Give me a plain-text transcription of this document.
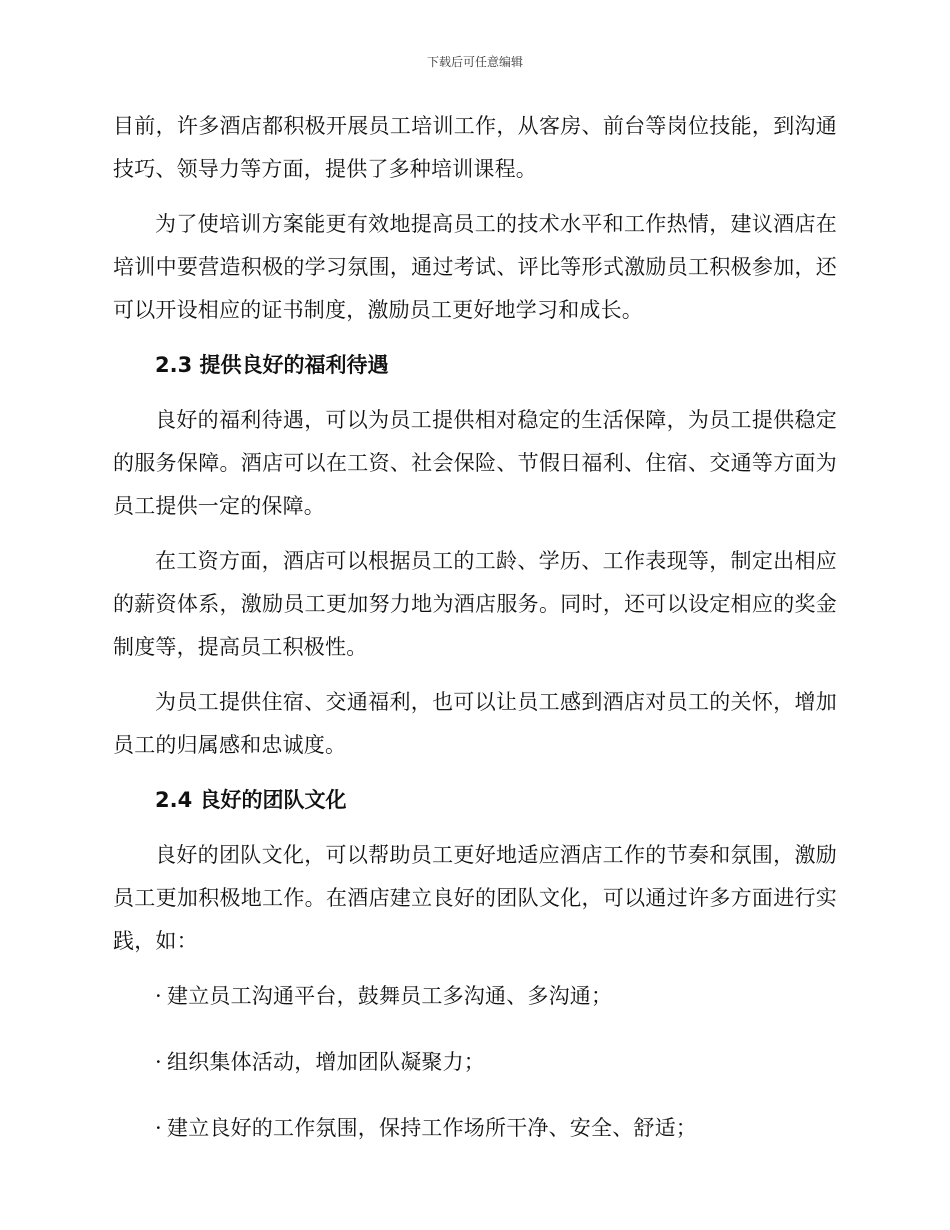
下载后可任意编辑

目前，许多酒店都积极开展员工培训工作，从客房、前台等岗位技能，到沟通技巧、领导力等方面，提供了多种培训课程。

为了使培训方案能更有效地提高员工的技术水平和工作热情，建议酒店在培训中要营造积极的学习氛围，通过考试、评比等形式激励员工积极参加，还可以开设相应的证书制度，激励员工更好地学习和成长。

2.3 提供良好的福利待遇

良好的福利待遇，可以为员工提供相对稳定的生活保障，为员工提供稳定的服务保障。酒店可以在工资、社会保险、节假日福利、住宿、交通等方面为员工提供一定的保障。

在工资方面，酒店可以根据员工的工龄、学历、工作表现等，制定出相应的薪资体系，激励员工更加努力地为酒店服务。同时，还可以设定相应的奖金制度等，提高员工积极性。

为员工提供住宿、交通福利，也可以让员工感到酒店对员工的关怀，增加员工的归属感和忠诚度。

2.4 良好的团队文化

良好的团队文化，可以帮助员工更好地适应酒店工作的节奏和氛围，激励员工更加积极地工作。在酒店建立良好的团队文化，可以通过许多方面进行实践，如：

· 建立员工沟通平台，鼓舞员工多沟通、多沟通；
· 组织集体活动，增加团队凝聚力；
· 建立良好的工作氛围，保持工作场所干净、安全、舒适；
